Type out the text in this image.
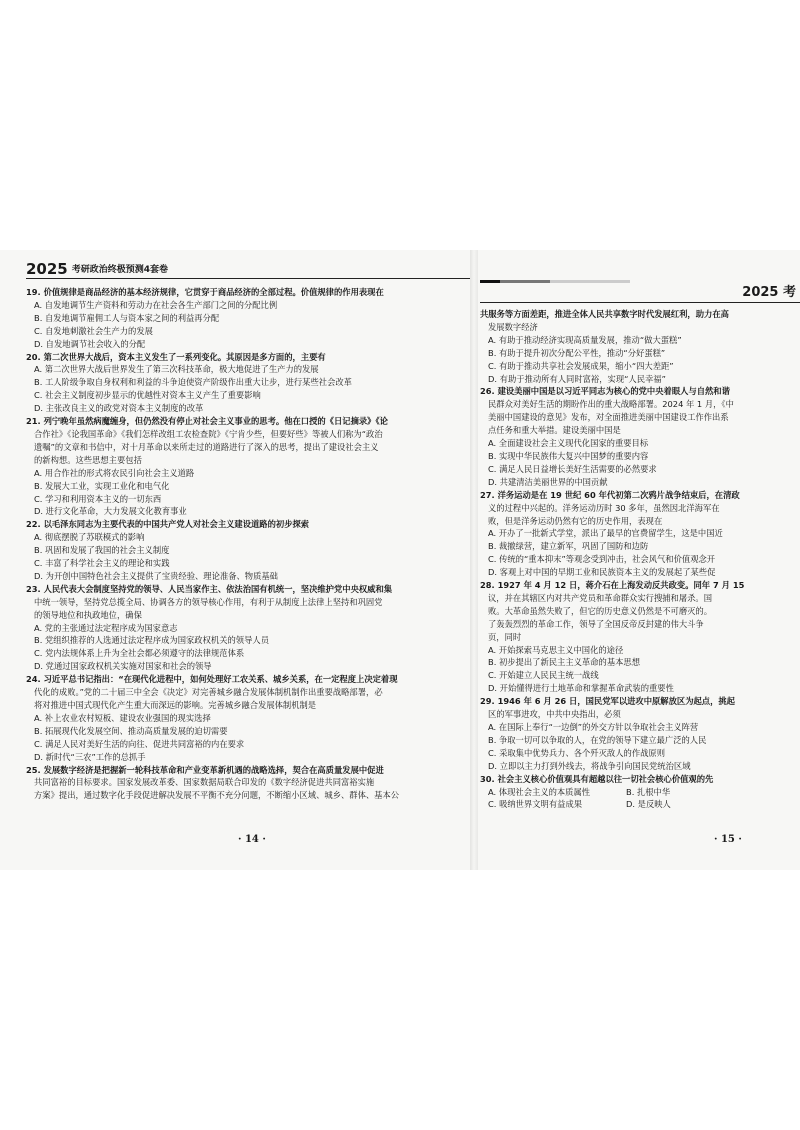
2025 考研政治终极预测4套卷
19. 价值规律是商品经济的基本经济规律，它贯穿于商品经济的全部过程。价值规律的作用表现在
A. 自发地调节生产资料和劳动力在社会各生产部门之间的分配比例
B. 自发地调节雇佣工人与资本家之间的利益再分配
C. 自发地刺激社会生产力的发展
D. 自发地调节社会收入的分配
20. 第二次世界大战后，资本主义发生了一系列变化。其原因是多方面的，主要有
A. 第二次世界大战后世界发生了第三次科技革命，极大地促进了生产力的发展
B. 工人阶级争取自身权利和利益的斗争迫使资产阶级作出重大让步，进行某些社会改革
C. 社会主义制度初步显示的优越性对资本主义产生了重要影响
D. 主张改良主义的政党对资本主义制度的改革
21. 列宁晚年虽然病魔缠身，但仍然没有停止对社会主义事业的思考。他在口授的《日记摘录》《论
合作社》《论我国革命》《我们怎样改组工农检查院》《宁肯少些，但要好些》等被人们称为“政治
遗嘱”的文章和书信中，对十月革命以来所走过的道路进行了深入的思考，提出了建设社会主义
的新构想。这些思想主要包括
A. 用合作社的形式将农民引向社会主义道路
B. 发展大工业，实现工业化和电气化
C. 学习和利用资本主义的一切东西
D. 进行文化革命，大力发展文化教育事业
22. 以毛泽东同志为主要代表的中国共产党人对社会主义建设道路的初步探索
A. 彻底摆脱了苏联模式的影响
B. 巩固和发展了我国的社会主义制度
C. 丰富了科学社会主义的理论和实践
D. 为开创中国特色社会主义提供了宝贵经验、理论准备、物质基础
23. 人民代表大会制度坚持党的领导、人民当家作主、依法治国有机统一，坚决维护党中央权威和集
中统一领导，坚持党总揽全局、协调各方的领导核心作用，有利于从制度上法律上坚持和巩固党
的领导地位和执政地位，确保
A. 党的主张通过法定程序成为国家意志
B. 党组织推荐的人选通过法定程序成为国家政权机关的领导人员
C. 党内法规体系上升为全社会都必须遵守的法律规范体系
D. 党通过国家政权机关实施对国家和社会的领导
24. 习近平总书记指出：“在现代化进程中，如何处理好工农关系、城乡关系，在一定程度上决定着现
代化的成败。”党的二十届三中全会《决定》对完善城乡融合发展体制机制作出重要战略部署，必
将对推进中国式现代化产生重大而深远的影响。完善城乡融合发展体制机制是
A. 补上农业农村短板、建设农业强国的现实选择
B. 拓展现代化发展空间、推动高质量发展的迫切需要
C. 满足人民对美好生活的向往、促进共同富裕的内在要求
D. 新时代“三农”工作的总抓手
25. 发展数字经济是把握新一轮科技革命和产业变革新机遇的战略选择，契合在高质量发展中促进
共同富裕的目标要求。国家发展改革委、国家数据局联合印发的《数字经济促进共同富裕实施
方案》提出，通过数字化手段促进解决发展不平衡不充分问题，不断缩小区域、城乡、群体、基本公
· 14 ·
2025 考
共服务等方面差距，推进全体人民共享数字时代发展红利，助力在高
发展数字经济
A. 有助于推动经济实现高质量发展，推动“做大蛋糕”
B. 有助于提升初次分配公平性，推动“分好蛋糕”
C. 有助于推动共享社会发展成果，缩小“四大差距”
D. 有助于推动所有人同时富裕，实现“人民幸福”
26. 建设美丽中国是以习近平同志为核心的党中央着眼人与自然和谐
民群众对美好生活的期盼作出的重大战略部署。2024 年 1 月，《中
美丽中国建设的意见》发布，对全面推进美丽中国建设工作作出系
点任务和重大举措。建设美丽中国是
A. 全面建设社会主义现代化国家的重要目标
B. 实现中华民族伟大复兴中国梦的重要内容
C. 满足人民日益增长美好生活需要的必然要求
D. 共建清洁美丽世界的中国贡献
27. 洋务运动是在 19 世纪 60 年代初第二次鸦片战争结束后，在清政
义的过程中兴起的。洋务运动历时 30 多年，虽然因北洋海军在
败，但是洋务运动仍然有它的历史作用，表现在
A. 开办了一批新式学堂，派出了最早的官费留学生，这是中国近
B. 裁撤绿营，建立新军，巩固了国防和边防
C. 传统的“重本抑末”等观念受到冲击，社会风气和价值观念开
D. 客观上对中国的早期工业和民族资本主义的发展起了某些促
28. 1927 年 4 月 12 日，蒋介石在上海发动反共政变。同年 7 月 15
议，并在其辖区内对共产党员和革命群众实行搜捕和屠杀。国
败。大革命虽然失败了，但它的历史意义仍然是不可磨灭的。
了轰轰烈烈的革命工作，领导了全国反帝反封建的伟大斗争
页，同时
A. 开始探索马克思主义中国化的途径
B. 初步提出了新民主主义革命的基本思想
C. 开始建立人民民主统一战线
D. 开始懂得进行土地革命和掌握革命武装的重要性
29. 1946 年 6 月 26 日，国民党军以进攻中原解放区为起点，挑起
区的军事进攻，中共中央指出，必须
A. 在国际上奉行“一边倒”的外交方针以争取社会主义阵营
B. 争取一切可以争取的人，在党的领导下建立最广泛的人民
C. 采取集中优势兵力、各个歼灭敌人的作战原则
D. 立即以主力打到外线去，将战争引向国民党统治区域
30. 社会主义核心价值观具有超越以往一切社会核心价值观的先
A. 体现社会主义的本质属性	B. 扎根中华
C. 吸纳世界文明有益成果	D. 是反映人
· 15 ·
